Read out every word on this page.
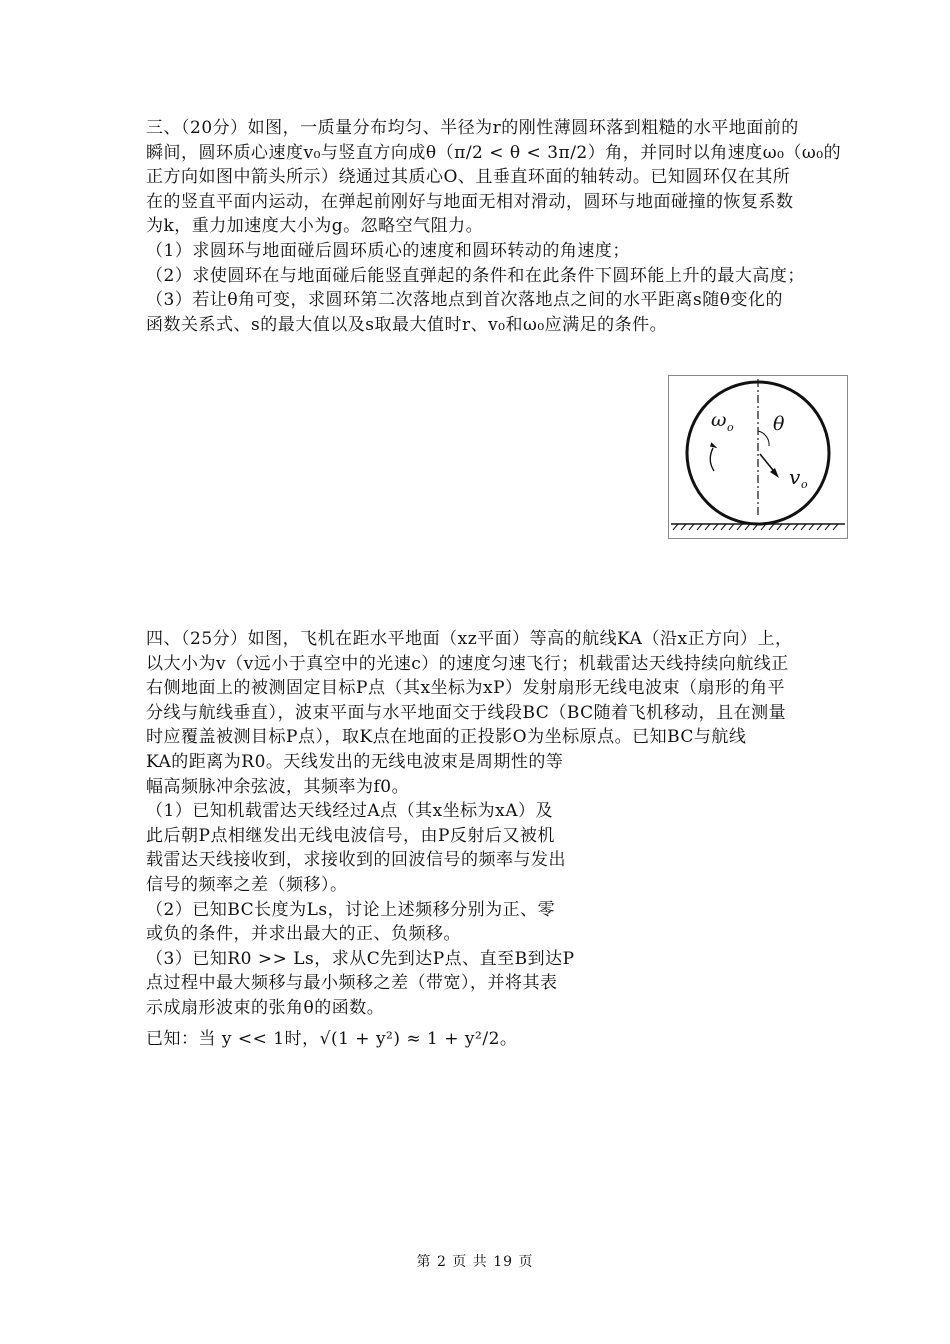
三、（20分）如图，一质量分布均匀、半径为r的刚性薄圆环落到粗糙的水平地面前的
瞬间，圆环质心速度v₀与竖直方向成θ（π/2 < θ < 3π/2）角，并同时以角速度ω₀（ω₀的
正方向如图中箭头所示）绕通过其质心O、且垂直环面的轴转动。已知圆环仅在其所
在的竖直平面内运动，在弹起前刚好与地面无相对滑动，圆环与地面碰撞的恢复系数
为k，重力加速度大小为g。忽略空气阻力。
（1）求圆环与地面碰后圆环质心的速度和圆环转动的角速度；
（2）求使圆环在与地面碰后能竖直弹起的条件和在此条件下圆环能上升的最大高度；
（3）若让θ角可变，求圆环第二次落地点到首次落地点之间的水平距离s随θ变化的
函数关系式、s的最大值以及s取最大值时r、v₀和ω₀应满足的条件。
ω o θ
v o
四、（25分）如图，飞机在距水平地面（xz平面）等高的航线KA（沿x正方向）上，
以大小为v（v远小于真空中的光速c）的速度匀速飞行；机载雷达天线持续向航线正
右侧地面上的被测固定目标P点（其x坐标为xP）发射扇形无线电波束（扇形的角平
分线与航线垂直），波束平面与水平地面交于线段BC（BC随着飞机移动，且在测量
时应覆盖被测目标P点），取K点在地面的正投影O为坐标原点。已知BC与航线
KA的距离为R0。天线发出的无线电波束是周期性的等
幅高频脉冲余弦波，其频率为f0。
（1）已知机载雷达天线经过A点（其x坐标为xA）及
此后朝P点相继发出无线电波信号，由P反射后又被机
载雷达天线接收到，求接收到的回波信号的频率与发出
信号的频率之差（频移）。
（2）已知BC长度为Ls，讨论上述频移分别为正、零
或负的条件，并求出最大的正、负频移。
（3）已知R0 >> Ls，求从C先到达P点、直至B到达P
点过程中最大频移与最小频移之差（带宽），并将其表
示成扇形波束的张角θ的函数。
已知：当 y << 1时，√(1 + y²) ≈ 1 + y²/2。
第 2 页 共 19 页
